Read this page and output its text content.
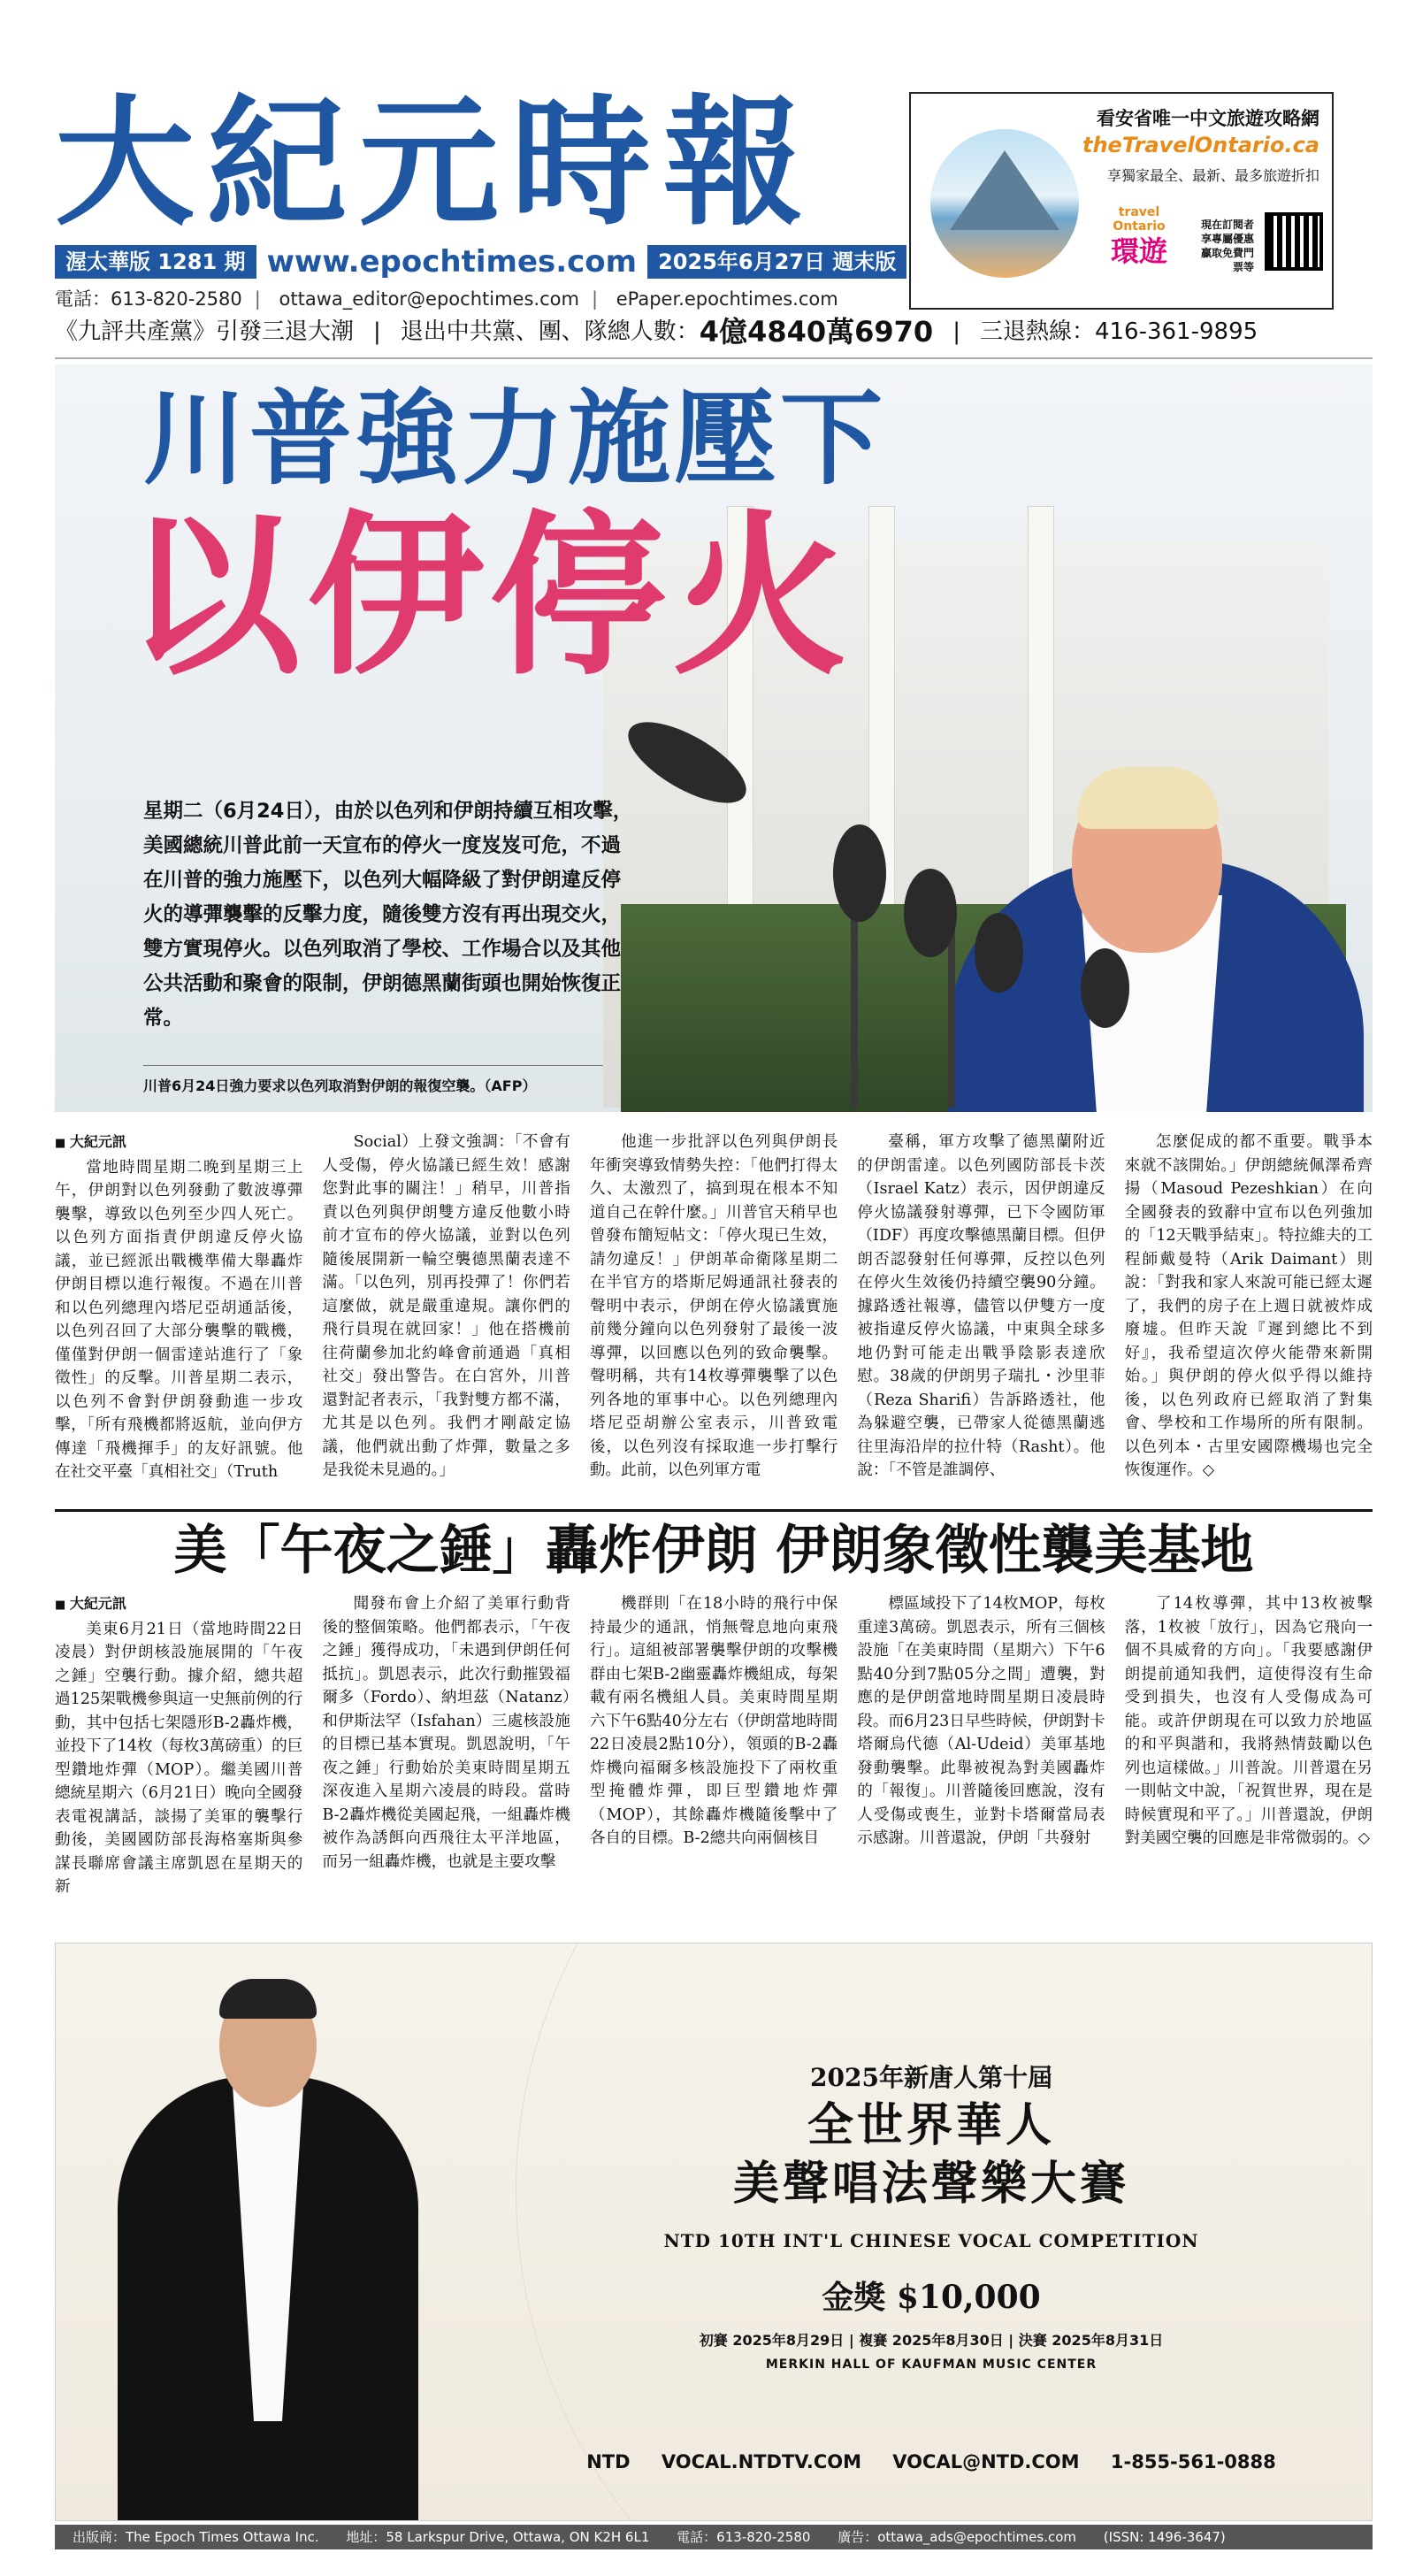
大紀元時報
渥太華版 1281 期 www.epochtimes.com	2025年6月27日 週末版
電話：613-820-2580 | ottawa_editor@epochtimes.com | ePaper.epochtimes.com
看安省唯一中文旅遊攻略網
theTravelOntario.ca
享獨家最全、最新、最多旅遊折扣
travel Ontario
環遊
現在訂閱者享專屬優惠 贏取免費門票等
《九評共產黨》引發三退大潮 | 退出中共黨、團、隊總人數： 4億4840萬6970 | 三退熱線：416-361-9895
川普強力施壓下
以伊停火
星期二（6月24日），由於以色列和伊朗持續互相攻擊，美國總統川普此前一天宣布的停火一度岌岌可危，不過在川普的強力施壓下，以色列大幅降級了對伊朗違反停火的導彈襲擊的反擊力度，隨後雙方沒有再出現交火，雙方實現停火。以色列取消了學校、工作場合以及其他公共活動和聚會的限制，伊朗德黑蘭街頭也開始恢復正常。
川普6月24日強力要求以色列取消對伊朗的報復空襲。（AFP）
■ 大紀元訊

當地時間星期二晚到星期三上午，伊朗對以色列發動了數波導彈襲擊，導致以色列至少四人死亡。以色列方面指責伊朗違反停火協議，並已經派出戰機準備大舉轟炸伊朗目標以進行報復。不過在川普和以色列總理內塔尼亞胡通話後，以色列召回了大部分襲擊的戰機，僅僅對伊朗一個雷達站進行了「象徵性」的反擊。川普星期二表示，以色列不會對伊朗發動進一步攻擊，「所有飛機都將返航，並向伊方傳達「飛機揮手」的友好訊號。他在社交平臺「真相社交」（Truth

Social）上發文強調：「不會有人受傷，停火協議已經生效！感謝您對此事的關注！」稍早，川普指責以色列與伊朗雙方違反他數小時前才宣布的停火協議，並對以色列隨後展開新一輪空襲德黑蘭表達不滿。「以色列，別再投彈了！你們若這麼做，就是嚴重違規。讓你們的飛行員現在就回家！」他在搭機前往荷蘭參加北約峰會前通過「真相社交」發出警告。在白宮外，川普還對記者表示，「我對雙方都不滿，尤其是以色列。我們才剛敲定協議，他們就出動了炸彈，數量之多是我從未見過的。」
他進一步批評以色列與伊朗長年衝突導致情勢失控：「他們打得太久、太激烈了，搞到現在根本不知道自己在幹什麼。」川普官天稍早也曾發布簡短帖文：「停火現已生效，請勿違反！」伊朗革命衛隊星期二在半官方的塔斯尼姆通訊社發表的聲明中表示，伊朗在停火協議實施前幾分鐘向以色列發射了最後一波導彈，以回應以色列的致命襲擊。聲明稱，共有14枚導彈襲擊了以色列各地的軍事中心。以色列總理內塔尼亞胡辦公室表示，川普致電後，以色列沒有採取進一步打擊行動。此前，以色列軍方電
臺稱，軍方攻擊了德黑蘭附近的伊朗雷達。以色列國防部長卡茨（Israel Katz）表示，因伊朗違反停火協議發射導彈，已下令國防軍（IDF）再度攻擊德黑蘭目標。但伊朗否認發射任何導彈，反控以色列在停火生效後仍持續空襲90分鐘。據路透社報導，儘管以伊雙方一度被指違反停火協議，中東與全球多地仍對可能走出戰爭陰影表達欣慰。38歲的伊朗男子瑞扎・沙里菲（Reza Sharifi）告訴路透社，他為躲避空襲，已帶家人從德黑蘭逃往里海沿岸的拉什特（Rasht）。他說：「不管是誰調停、
怎麼促成的都不重要。戰爭本來就不該開始。」伊朗總統佩澤希齊揚（Masoud Pezeshkian）在向全國發表的致辭中宣布以色列強加的「12天戰爭結束」。特拉維夫的工程師戴曼特（Arik Daimant）則說：「對我和家人來說可能已經太遲了，我們的房子在上週日就被炸成廢墟。但昨天說『遲到總比不到好』，我希望這次停火能帶來新開始。」與伊朗的停火似乎得以維持後，以色列政府已經取消了對集會、學校和工作場所的所有限制。以色列本・古里安國際機場也完全恢復運作。◇
美「午夜之錘」轟炸伊朗 伊朗象徵性襲美基地
■ 大紀元訊

美東6月21日（當地時間22日凌晨）對伊朗核設施展開的「午夜之錘」空襲行動。據介紹，總共超過125架戰機參與這一史無前例的行動，其中包括七架隱形B-2轟炸機，並投下了14枚（每枚3萬磅重）的巨型鑽地炸彈（MOP）。繼美國川普總統星期六（6月21日）晚向全國發表電視講話，談揚了美軍的襲擊行動後，美國國防部長海格塞斯與參謀長聯席會議主席凱恩在星期天的新

聞發布會上介紹了美軍行動背後的整個策略。他們都表示，「午夜之錘」獲得成功，「未遇到伊朗任何抵抗」。凱恩表示，此次行動摧毀福爾多（Fordo）、納坦茲（Natanz）和伊斯法罕（Isfahan）三處核設施的目標已基本實現。凱恩說明，「午夜之錘」行動始於美東時間星期五深夜進入星期六凌晨的時段。當時B-2轟炸機從美國起飛，一組轟炸機被作為誘餌向西飛往太平洋地區，而另一組轟炸機，也就是主要攻擊
機群則「在18小時的飛行中保持最少的通訊，悄無聲息地向東飛行」。這組被部署襲擊伊朗的攻擊機群由七架B-2幽靈轟炸機組成，每架載有兩名機組人員。美東時間星期六下午6點40分左右（伊朗當地時間22日凌晨2點10分），領頭的B-2轟炸機向福爾多核設施投下了兩枚重型掩體炸彈，即巨型鑽地炸彈（MOP），其餘轟炸機隨後擊中了各自的目標。B-2總共向兩個核目
標區域投下了14枚MOP，每枚重達3萬磅。凱恩表示，所有三個核設施「在美東時間（星期六）下午6點40分到7點05分之間」遭襲，對應的是伊朗當地時間星期日凌晨時段。而6月23日早些時候，伊朗對卡塔爾烏代德（Al-Udeid）美軍基地發動襲擊。此舉被視為對美國轟炸的「報復」。川普隨後回應說，沒有人受傷或喪生，並對卡塔爾當局表示感謝。川普還說，伊朗「共發射
了14枚導彈，其中13枚被擊落，1枚被「放行」，因為它飛向一個不具威脅的方向」。「我要感謝伊朗提前通知我們，這使得沒有生命受到損失，也沒有人受傷成為可能。或許伊朗現在可以致力於地區的和平與諧和，我將熱情鼓勵以色列也這樣做。」川普說。川普還在另一則帖文中說，「祝賀世界，現在是時候實現和平了。」川普還說，伊朗對美國空襲的回應是非常微弱的。◇
2025年新唐人第十屆
全世界華人
美聲唱法聲樂大賽
NTD 10TH INT'L CHINESE VOCAL COMPETITION
金獎 $10,000
初賽 2025年8月29日 | 複賽 2025年8月30日 | 決賽 2025年8月31日
MERKIN HALL OF KAUFMAN MUSIC CENTER
NTD VOCAL.NTDTV.COM VOCAL@NTD.COM 1-855-561-0888
出版商：The Epoch Times Ottawa Inc. 地址：58 Larkspur Drive, Ottawa, ON K2H 6L1 電話：613-820-2580 廣告：ottawa_ads@epochtimes.com (ISSN: 1496-3647)
